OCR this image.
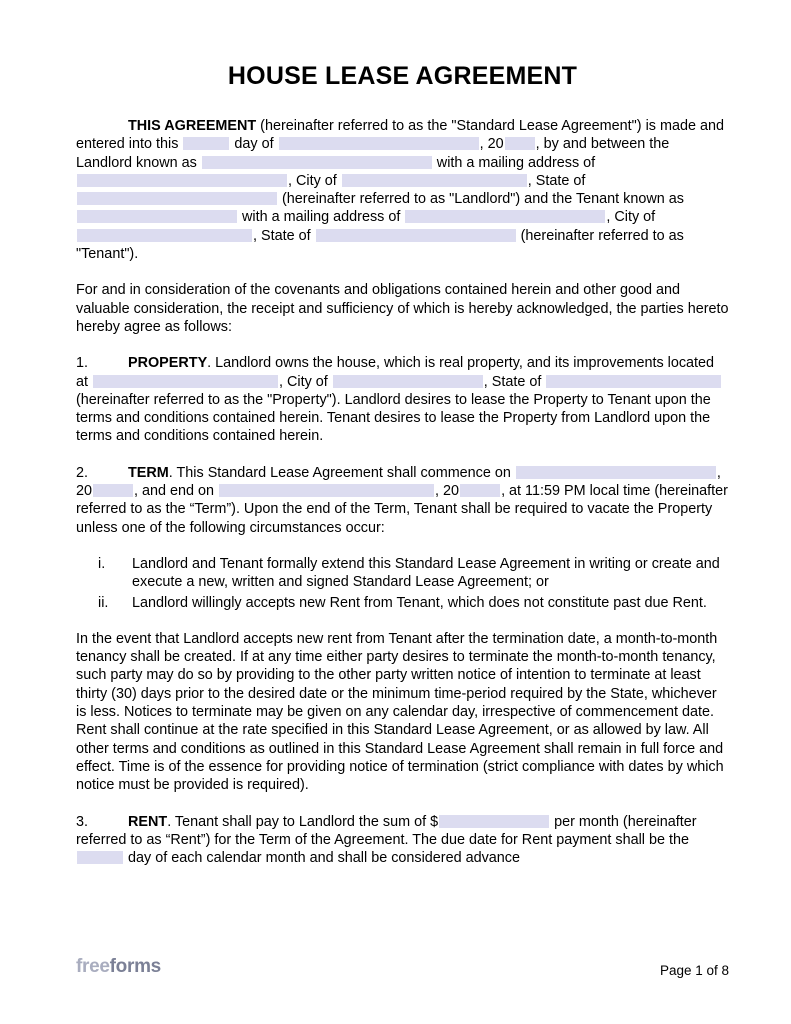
HOUSE LEASE AGREEMENT

THIS AGREEMENT (hereinafter referred to as the "Standard Lease Agreement") is made and entered into this	day of	, 20 , by and between the Landlord known as	with a mailing address of , City of	, State of  (hereinafter referred to as "Landlord") and the Tenant known as  with a mailing address of	, City of , State of	(hereinafter referred to as "Tenant").

For and in consideration of the covenants and obligations contained herein and other good and valuable consideration, the receipt and sufficiency of which is hereby acknowledged, the parties hereto hereby agree as follows:

1.	PROPERTY. Landlord owns the house, which is real property, and its improvements located at	, City of	, State of  (hereinafter referred to as the "Property"). Landlord desires to lease the Property to Tenant upon the terms and conditions contained herein. Tenant desires to lease the Property from Landlord upon the terms and conditions contained herein.

2.	TERM. This Standard Lease Agreement shall commence on	, 20	, and end on	, 20	, at 11:59 PM local time (hereinafter referred to as the “Term”). Upon the end of the Term, Tenant shall be required to vacate the Property unless one of the following circumstances occur:

i.	Landlord and Tenant formally extend this Standard Lease Agreement in writing or create and execute a new, written and signed Standard Lease Agreement; or
ii.	Landlord willingly accepts new Rent from Tenant, which does not constitute past due Rent.

In the event that Landlord accepts new rent from Tenant after the termination date, a month-to-month tenancy shall be created. If at any time either party desires to terminate the month-to-month tenancy, such party may do so by providing to the other party written notice of intention to terminate at least thirty (30) days prior to the desired date or the minimum time-period required by the State, whichever is less. Notices to terminate may be given on any calendar day, irrespective of commencement date. Rent shall continue at the rate specified in this Standard Lease Agreement, or as allowed by law. All other terms and conditions as outlined in this Standard Lease Agreement shall remain in full force and effect. Time is of the essence for providing notice of termination (strict compliance with dates by which notice must be provided is required).

3.	RENT. Tenant shall pay to Landlord the sum of $	per month (hereinafter referred to as “Rent”) for the Term of the Agreement. The due date for Rent payment shall be the  day of each calendar month and shall be considered advance

freeforms	Page 1 of 8
